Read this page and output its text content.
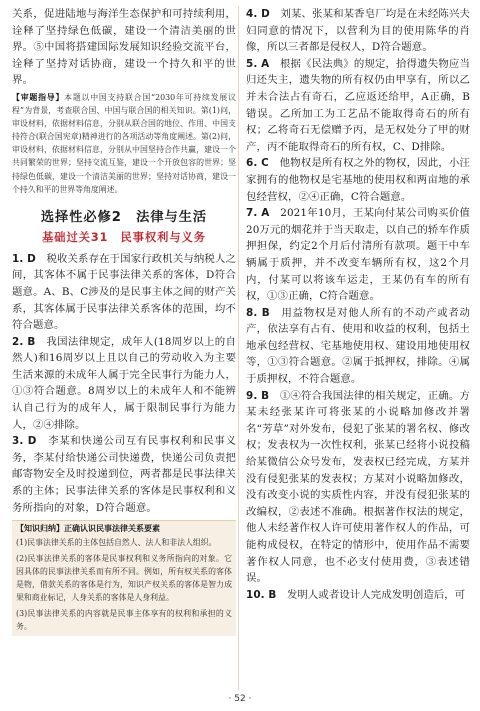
关系，促进陆地与海洋生态保护和可持续利用，诠释了坚持绿色低碳，建设一个清洁美丽的世界。⑤中国将搭建国际发展知识经验交流平台，诠释了坚持对话协商，建设一个持久和平的世界。

【审题指导】本题以中国支持联合国“2030年可持续发展议程”为背景，考查联合国、中国与联合国的相关知识。第(1)问，审设材料，依据材料信息，分别从联合国的地位、作用、中国支持符合(联合国宪章)精神进行的各项活动等角度阐述。第(2)问，审设材料，依据材料信息，分别从中国坚持合作共赢，建设一个共同繁荣的世界；坚持交流互鉴，建设一个开放包容的世界；坚持绿色低碳，建设一个清洁美丽的世界；坚持对话协商，建设一个持久和平的世界等角度阐述。

选择性必修2　法律与生活
基础过关31　民事权利与义务

1. D　 税收关系存在于国家行政机关与纳税人之间，其客体不属于民事法律关系的客体，D符合题意。A、B、C涉及的是民事主体之间的财产关系，其客体属于民事法律关系客体的范围，均不符合题意。

2. B　 我国法律规定，成年人(18周岁以上的自然人)和16周岁以上且以自己的劳动收入为主要生活来源的未成年人属于完全民事行为能力人，①③符合题意。8周岁以上的未成年人和不能辨认自己行为的成年人，属于限制民事行为能力人，②④排除。

3. D　 李某和快递公司互有民事权利和民事义务，李某付给快递公司快递费，快递公司负责把邮寄物安全及时投递到位，两者都是民事法律关系的主体；民事法律关系的客体是民事权利和义务所指向的对象，D符合题意。

【知识归纳】正确认识民事法律关系要素

(1)民事法律关系的主体包括自然人、法人和非法人组织。

(2)民事法律关系的客体是民事权利和义务所指向的对象。它因具体的民事法律关系而有所不同。例如，所有权关系的客体是物，借款关系的客体是行为，知识产权关系的客体是智力成果和商业标记，人身关系的客体是人身利益。

(3)民事法律关系的内容就是民事主体享有的权利和承担的义务。

4. D　 刘某、张某和某香皂厂均是在未经陈兴夫妇同意的情况下，以营利为目的使用陈华的肖像，所以三者都是侵权人，D符合题意。

5. A　 根据《民法典》的规定，拾得遗失物应当归还失主，遗失物的所有权仍由甲享有，所以乙并未合法占有奇石，乙应返还给甲，A正确，B错误。乙所加工为工艺品不能取得奇石的所有权；乙将奇石无偿赠予丙，是无权处分了甲的财产，丙不能取得奇石的所有权，C、D排除。

6. C　 他物权是所有权之外的物权，因此，小汪家拥有的他物权是宅基地的使用权和两亩地的承包经营权，②④正确，C符合题意。

7. A　 2021年10月，王某向付某公司购买价值20万元的烟花并于当天取走，以自己的轿车作质押担保，约定2个月后付清所有款项。题干中车辆属于质押，并不改变车辆所有权，这2个月内，付某可以将该车运走，王某仍有车的所有权，①③正确，C符合题意。

8. B　 用益物权是对他人所有的不动产或者动产，依法享有占有、使用和收益的权利，包括土地承包经营权、宅基地使用权、建设用地使用权等，①③符合题意。②属于抵押权，排除。④属于质押权，不符合题意。

9. B　 ①④符合我国法律的相关规定，正确。方某未经张某许可将张某的小说略加修改并署名“芳草”对外发布，侵犯了张某的署名权、修改权；发表权为一次性权利，张某已经将小说投稿给某微信公众号发布，发表权已经完成，方某并没有侵犯张某的发表权；方某对小说略加修改，没有改变小说的实质性内容，并没有侵犯张某的改编权，②表述不准确。根据著作权法的规定，他人未经著作权人许可使用著作权人的作品，可能构成侵权，在特定的情形中，使用作品不需要著作权人同意，也不必支付使用费，③表述错误。

10. B　 发明人或者设计人完成发明创造后，可

· 52 ·
